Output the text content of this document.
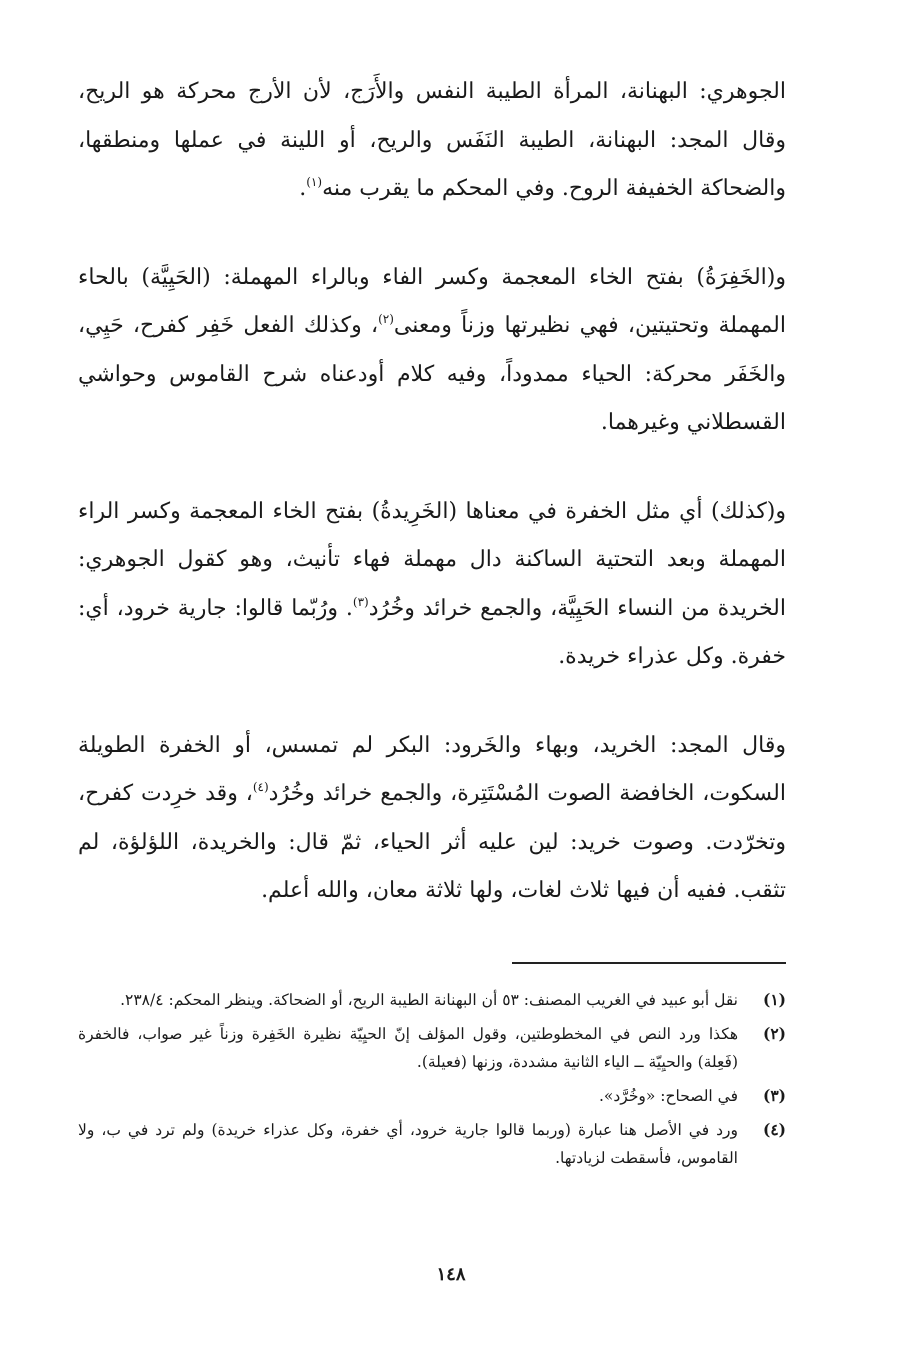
الجوهري: البهنانة، المرأة الطيبة النفس والأَرَج، لأن الأرج محركة هو الريح، وقال المجد: البهنانة، الطيبة النَفَس والريح، أو اللينة في عملها ومنطقها، والضحاكة الخفيفة الروح. وفي المحكم ما يقرب منه$^{(١)}$.

و(الخَفِرَةُ) بفتح الخاء المعجمة وكسر الفاء وبالراء المهملة: (الحَيِيَّة) بالحاء المهملة وتحتيتين، فهي نظيرتها وزناً ومعنى$^{(٢)}$، وكذلك الفعل خَفِر كفرح، حَيِي، والخَفَر محركة: الحياء ممدوداً، وفيه كلام أودعناه شرح القاموس وحواشي القسطلاني وغيرهما.

و(كذلك) أي مثل الخفرة في معناها (الخَرِيدةُ) بفتح الخاء المعجمة وكسر الراء المهملة وبعد التحتية الساكنة دال مهملة فهاء تأنيث، وهو كقول الجوهري: الخريدة من النساء الحَيِيَّة، والجمع خرائد وخُرُد$^{(٣)}$. ورُبّما قالوا: جارية خرود، أي: خفرة. وكل عذراء خريدة.

وقال المجد: الخريد، وبهاء والخَرود: البكر لم تمسس، أو الخفرة الطويلة السكوت، الخافضة الصوت المُسْتَتِرة، والجمع خرائد وخُرُد$^{(٤)}$، وقد خرِدت كفرح، وتخرّدت. وصوت خريد: لين عليه أثر الحياء، ثمّ قال: والخريدة، اللؤلؤة، لم تثقب. ففيه أن فيها ثلاث لغات، ولها ثلاثة معان، والله أعلم.

(١)
نقل أبو عبيد في الغريب المصنف: ٥٣ أن البهنانة الطيبة الريح، أو الضحاكة. وينظر المحكم: ٢٣٨/٤.
(٢)
هكذا ورد النص في المخطوطتين، وقول المؤلف إنّ الحيِيّة نظيرة الخَفِرة وزناً غير صواب، فالخفرة (فَعِلة) والحيِيّة ــ الياء الثانية مشددة، وزنها (فعيلة).
(٣)
في الصحاح: «وخُرَّد».
(٤)
ورد في الأصل هنا عبارة (وربما قالوا جارية خرود، أي خفرة، وكل عذراء خريدة) ولم ترد في ب، ولا القاموس، فأسقطت لزيادتها.
١٤٨
